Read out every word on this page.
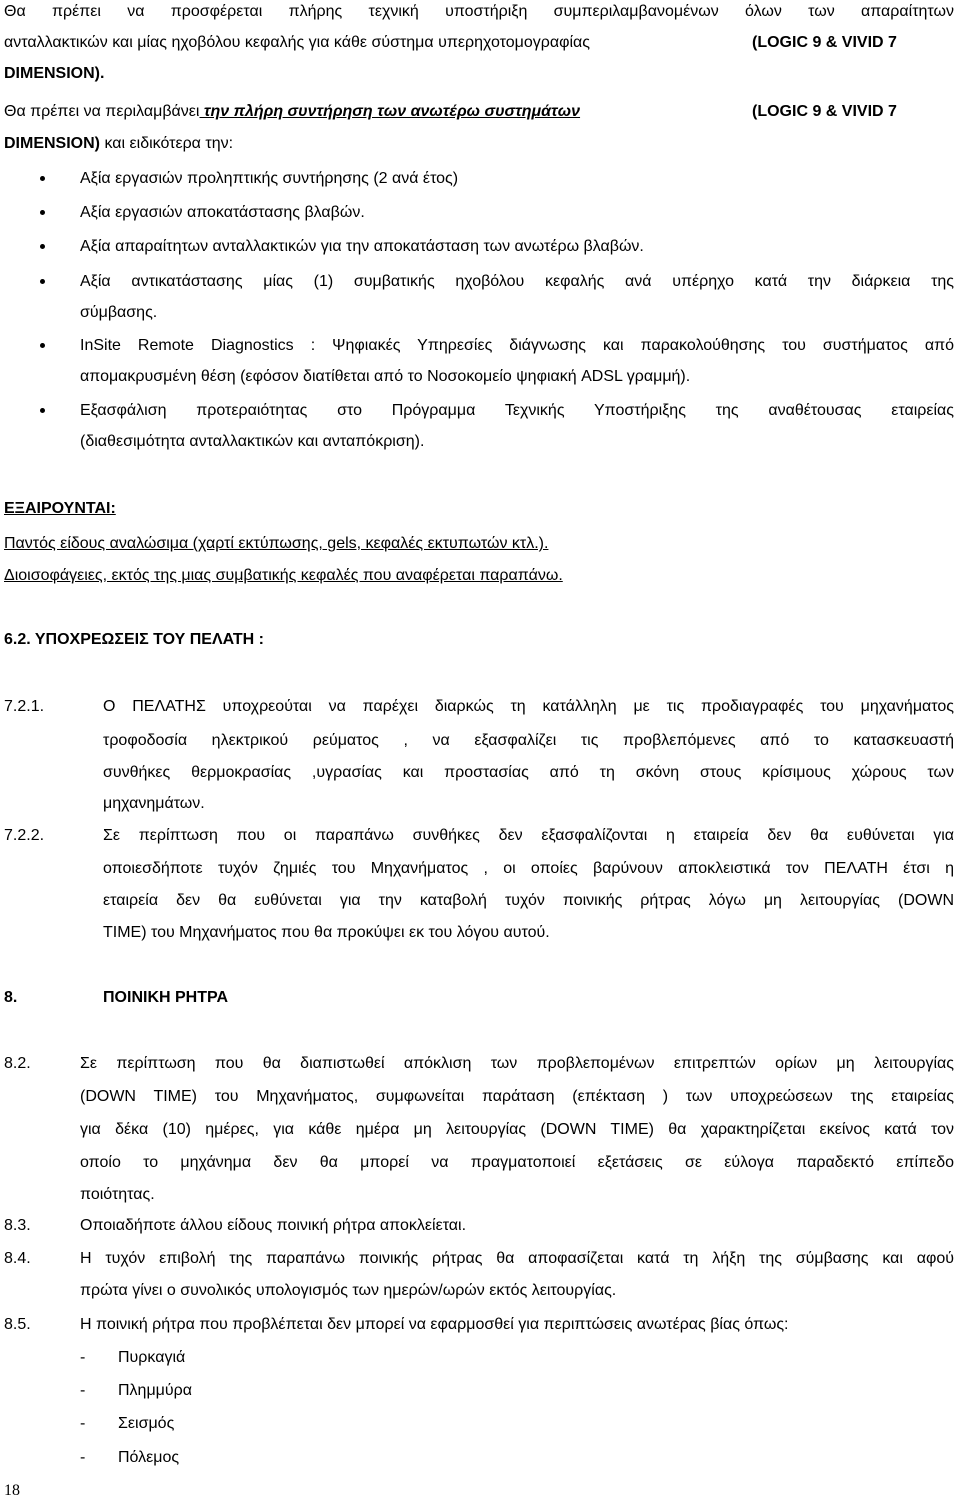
Θα πρέπει να προσφέρεται πλήρης τεχνική υποστήριξη συμπεριλαμβανομένων όλων των απαραίτητων
ανταλλακτικών και μίας ηχοβόλου κεφαλής για κάθε σύστημα υπερηχοτομογραφίας	(LOGIC 9 & VIVID 7
DIMENSION).
Θα πρέπει να περιλαμβάνει την πλήρη συντήρηση των ανωτέρω συστημάτων	(LOGIC 9 & VIVID 7
DIMENSION) και ειδικότερα την:
Αξία εργασιών προληπτικής συντήρησης (2 ανά έτος)
Αξία εργασιών αποκατάστασης βλαβών.
Αξία απαραίτητων ανταλλακτικών για την αποκατάσταση των ανωτέρω βλαβών.
Αξία αντικατάστασης μίας (1) συμβατικής ηχοβόλου κεφαλής ανά υπέρηχο κατά την διάρκεια της
σύμβασης.
InSite Remote Diagnostics : Ψηφιακές Υπηρεσίες διάγνωσης και παρακολούθησης του συστήματος από
απομακρυσμένη θέση (εφόσον διατίθεται από το Νοσοκομείο ψηφιακή ADSL γραμμή).
Εξασφάλιση προτεραιότητας στο Πρόγραμμα Τεχνικής Υποστήριξης της αναθέτουσας εταιρείας
(διαθεσιμότητα ανταλλακτικών και ανταπόκριση).
ΕΞΑΙΡΟΥΝΤΑΙ:
Παντός είδους αναλώσιμα (χαρτί εκτύπωσης, gels, κεφαλές εκτυπωτών κτλ.).
Διοισοφάγειες, εκτός της μιας συμβατικής κεφαλές που αναφέρεται παραπάνω.
6.2. ΥΠΟΧΡΕΩΣΕΙΣ ΤΟΥ ΠΕΛΑΤΗ :
7.2.1.	Ο ΠΕΛΑΤΗΣ υποχρεούται να παρέχει διαρκώς τη κατάλληλη με τις προδιαγραφές του μηχανήματος
τροφοδοσία ηλεκτρικού ρεύματος , να εξασφαλίζει τις προβλεπόμενες από το κατασκευαστή
συνθήκες θερμοκρασίας ,υγρασίας και προστασίας από τη σκόνη στους κρίσιμους χώρους των
μηχανημάτων.
7.2.2.	Σε περίπτωση που οι παραπάνω συνθήκες δεν εξασφαλίζονται η εταιρεία δεν θα ευθύνεται για
οποιεσδήποτε τυχόν ζημιές του Μηχανήματος , οι οποίες βαρύνουν αποκλειστικά τον ΠΕΛΑΤΗ έτσι η
εταιρεία δεν θα ευθύνεται για την καταβολή τυχόν ποινικής ρήτρας λόγω μη λειτουργίας (DOWN
TIME) του Μηχανήματος που θα προκύψει εκ του λόγου αυτού.
8.	ΠΟΙΝΙΚΗ ΡΗΤΡΑ
8.2.	Σε περίπτωση που θα διαπιστωθεί απόκλιση των προβλεπομένων επιτρεπτών ορίων μη λειτουργίας
(DOWN TIME) του Μηχανήματος, συμφωνείται παράταση (επέκταση ) των υποχρεώσεων της εταιρείας
για δέκα (10) ημέρες, για κάθε ημέρα μη λειτουργίας (DOWN TIME) θα χαρακτηρίζεται εκείνος κατά τον
οποίο το μηχάνημα δεν θα μπορεί να πραγματοποιεί εξετάσεις σε εύλογα παραδεκτό επίπεδο
ποιότητας.
8.3.	Οποιαδήποτε άλλου είδους ποινική ρήτρα αποκλείεται.
8.4.	Η τυχόν επιβολή της παραπάνω ποινικής ρήτρας θα αποφασίζεται κατά τη λήξη της σύμβασης και αφού
πρώτα γίνει ο συνολικός υπολογισμός των ημερών/ωρών εκτός λειτουργίας.
8.5.	Η ποινική ρήτρα που προβλέπεται δεν μπορεί να εφαρμοσθεί για περιπτώσεις ανωτέρας βίας όπως:
- Πυρκαγιά
- Πλημμύρα
- Σεισμός
- Πόλεμος
18
